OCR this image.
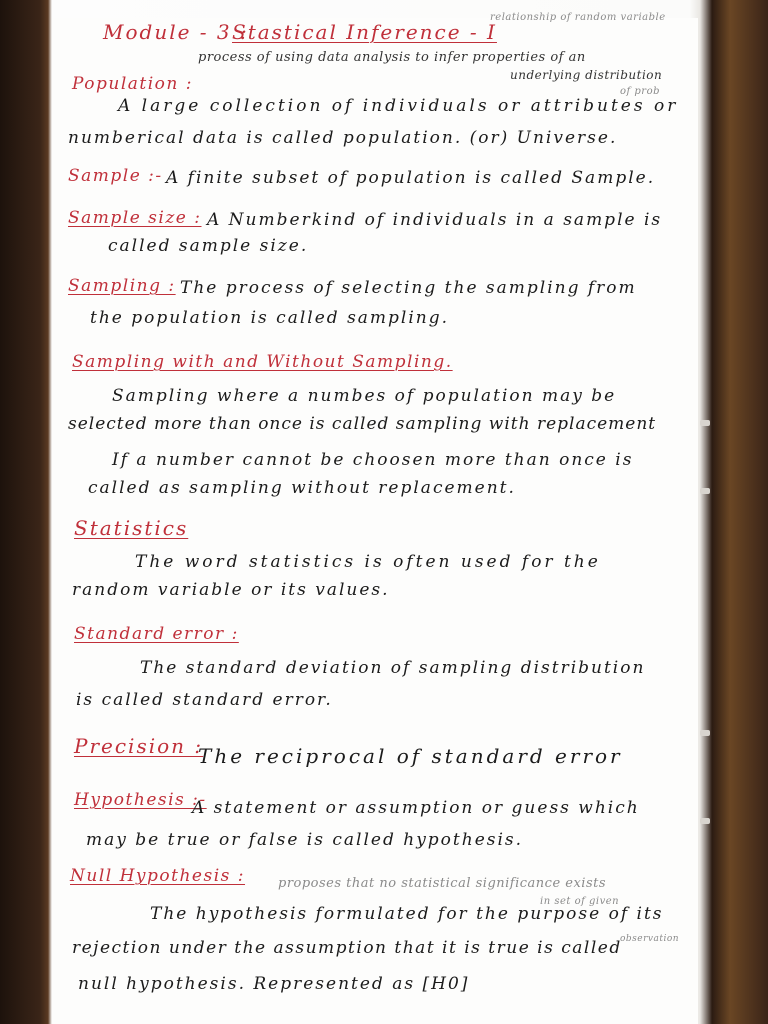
Module - 3 :
Stastical Inference - I
relationship of random variable
process of using data analysis to infer properties of an
underlying distribution
of prob
Population :
A large collection of individuals or attributes or
numberical data is called population. (or) Universe.
Sample :- A finite subset of population is called Sample.
Sample size : A Numberkind of individuals in a sample is
called sample size.
Sampling : The process of selecting the sampling from
the population is called sampling.
Sampling with and Without Sampling.
Sampling where a numbes of population may be
selected more than once is called sampling with replacement
If a number cannot be choosen more than once is
called as sampling without replacement.
Statistics
The word statistics is often used for the
random variable or its values.
Standard error :
The standard deviation of sampling distribution
is called standard error.
Precision :
The reciprocal of standard error
Hypothesis :-
A statement or assumption or guess which
may be true or false is called hypothesis.
Null Hypothesis :	proposes that no statistical significance exists
in set of given
observation
The hypothesis formulated for the purpose of its
rejection under the assumption that it is true is called
null hypothesis. Represented as [H0]
